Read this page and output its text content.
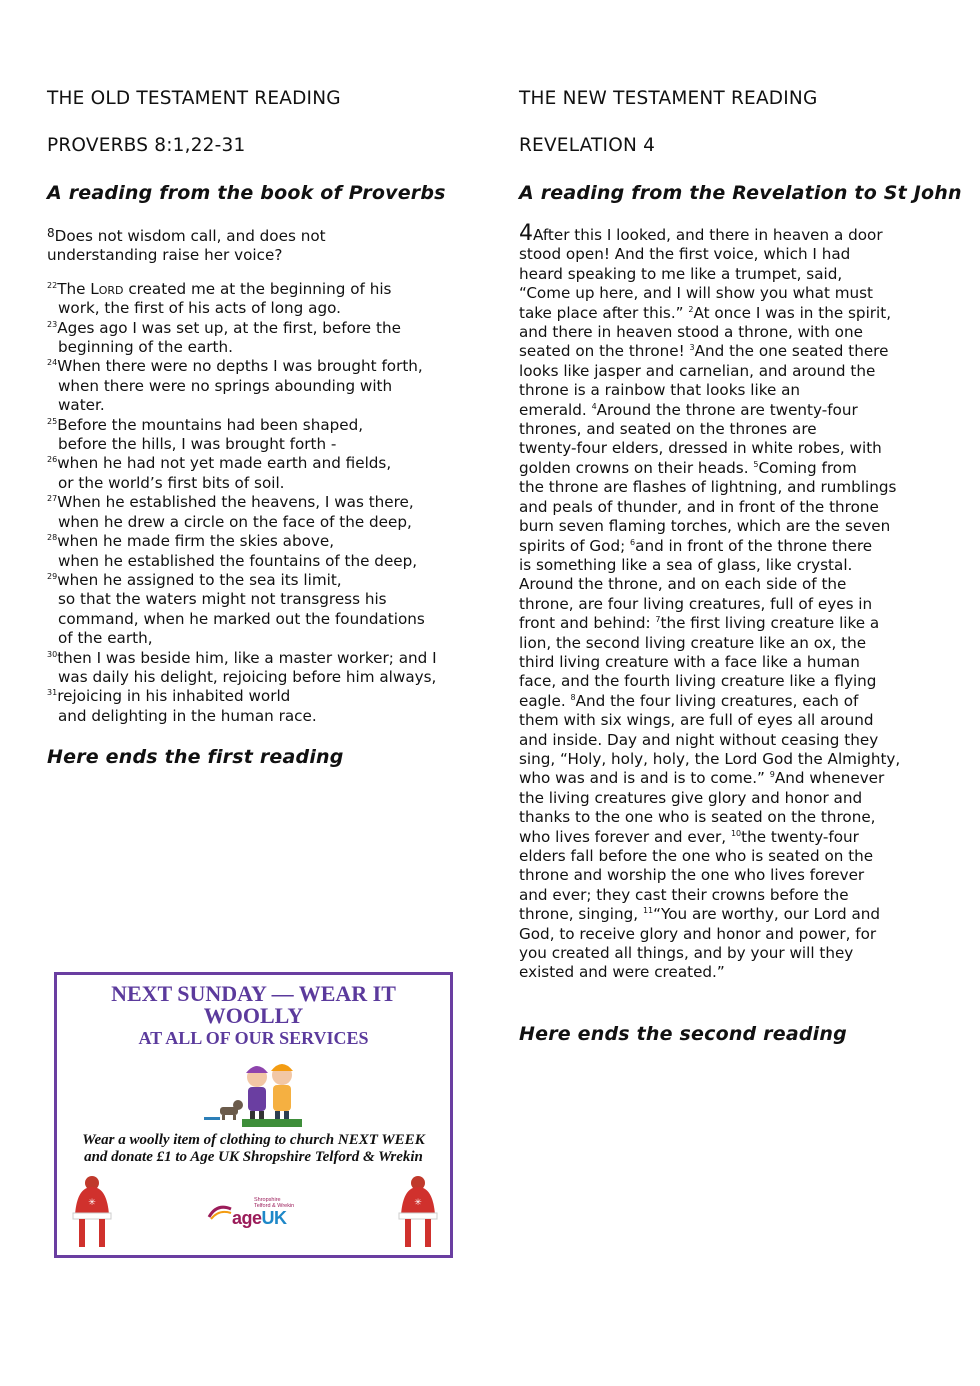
THE OLD TESTAMENT READING
PROVERBS 8:1,22-31
A reading from the book of Proverbs
$^8$Does not wisdom call, and does not
understanding raise her voice?
$^{22}$The Lord created me at the beginning of his
work, the first of his acts of long ago.
$^{23}$Ages ago I was set up, at the first, before the
beginning of the earth.
$^{24}$When there were no depths I was brought forth,
when there were no springs abounding with
water.
$^{25}$Before the mountains had been shaped,
before the hills, I was brought forth -
$^{26}$when he had not yet made earth and fields,
or the world’s first bits of soil.
$^{27}$When he established the heavens, I was there,
when he drew a circle on the face of the deep,
$^{28}$when he made firm the skies above,
when he established the fountains of the deep,
$^{29}$when he assigned to the sea its limit,
so that the waters might not transgress his
command, when he marked out the foundations
of the earth,
$^{30}$then I was beside him, like a master worker; and I
was daily his delight, rejoicing before him always,
$^{31}$rejoicing in his inhabited world
and delighting in the human race.

Here ends the first reading

THE NEW TESTAMENT READING
REVELATION 4
A reading from the Revelation to St John
4After this I looked, and there in heaven a door
stood open! And the first voice, which I had
heard speaking to me like a trumpet, said,
“Come up here, and I will show you what must
take place after this.” $^2$At once I was in the spirit,
and there in heaven stood a throne, with one
seated on the throne! $^3$And the one seated there
looks like jasper and carnelian, and around the
throne is a rainbow that looks like an
emerald. $^4$Around the throne are twenty-four
thrones, and seated on the thrones are
twenty-four elders, dressed in white robes, with
golden crowns on their heads. $^5$Coming from
the throne are flashes of lightning, and rumblings
and peals of thunder, and in front of the throne
burn seven flaming torches, which are the seven
spirits of God; $^6$and in front of the throne there
is something like a sea of glass, like crystal.
Around the throne, and on each side of the
throne, are four living creatures, full of eyes in
front and behind: $^7$the first living creature like a
lion, the second living creature like an ox, the
third living creature with a face like a human
face, and the fourth living creature like a flying
eagle. $^8$And the four living creatures, each of
them with six wings, are full of eyes all around
and inside. Day and night without ceasing they
sing, “Holy, holy, holy, the Lord God the Almighty,
who was and is and is to come.” $^9$And whenever
the living creatures give glory and honor and
thanks to the one who is seated on the throne,
who lives forever and ever, $^{10}$the twenty-four
elders fall before the one who is seated on the
throne and worship the one who lives forever
and ever; they cast their crowns before the
throne, singing, $^{11}$“You are worthy, our Lord and
God, to receive glory and honor and power, for
you created all things, and by your will they
existed and were created.”

Here ends the second reading

NEXT SUNDAY — WEAR IT
WOOLLY
AT ALL OF OUR SERVICES
Wear a woolly item of clothing to church NEXT WEEK
and donate £1 to Age UK Shropshire Telford & Wrekin
✳	✳
Shropshire
Telford & Wrekin
ageUK
